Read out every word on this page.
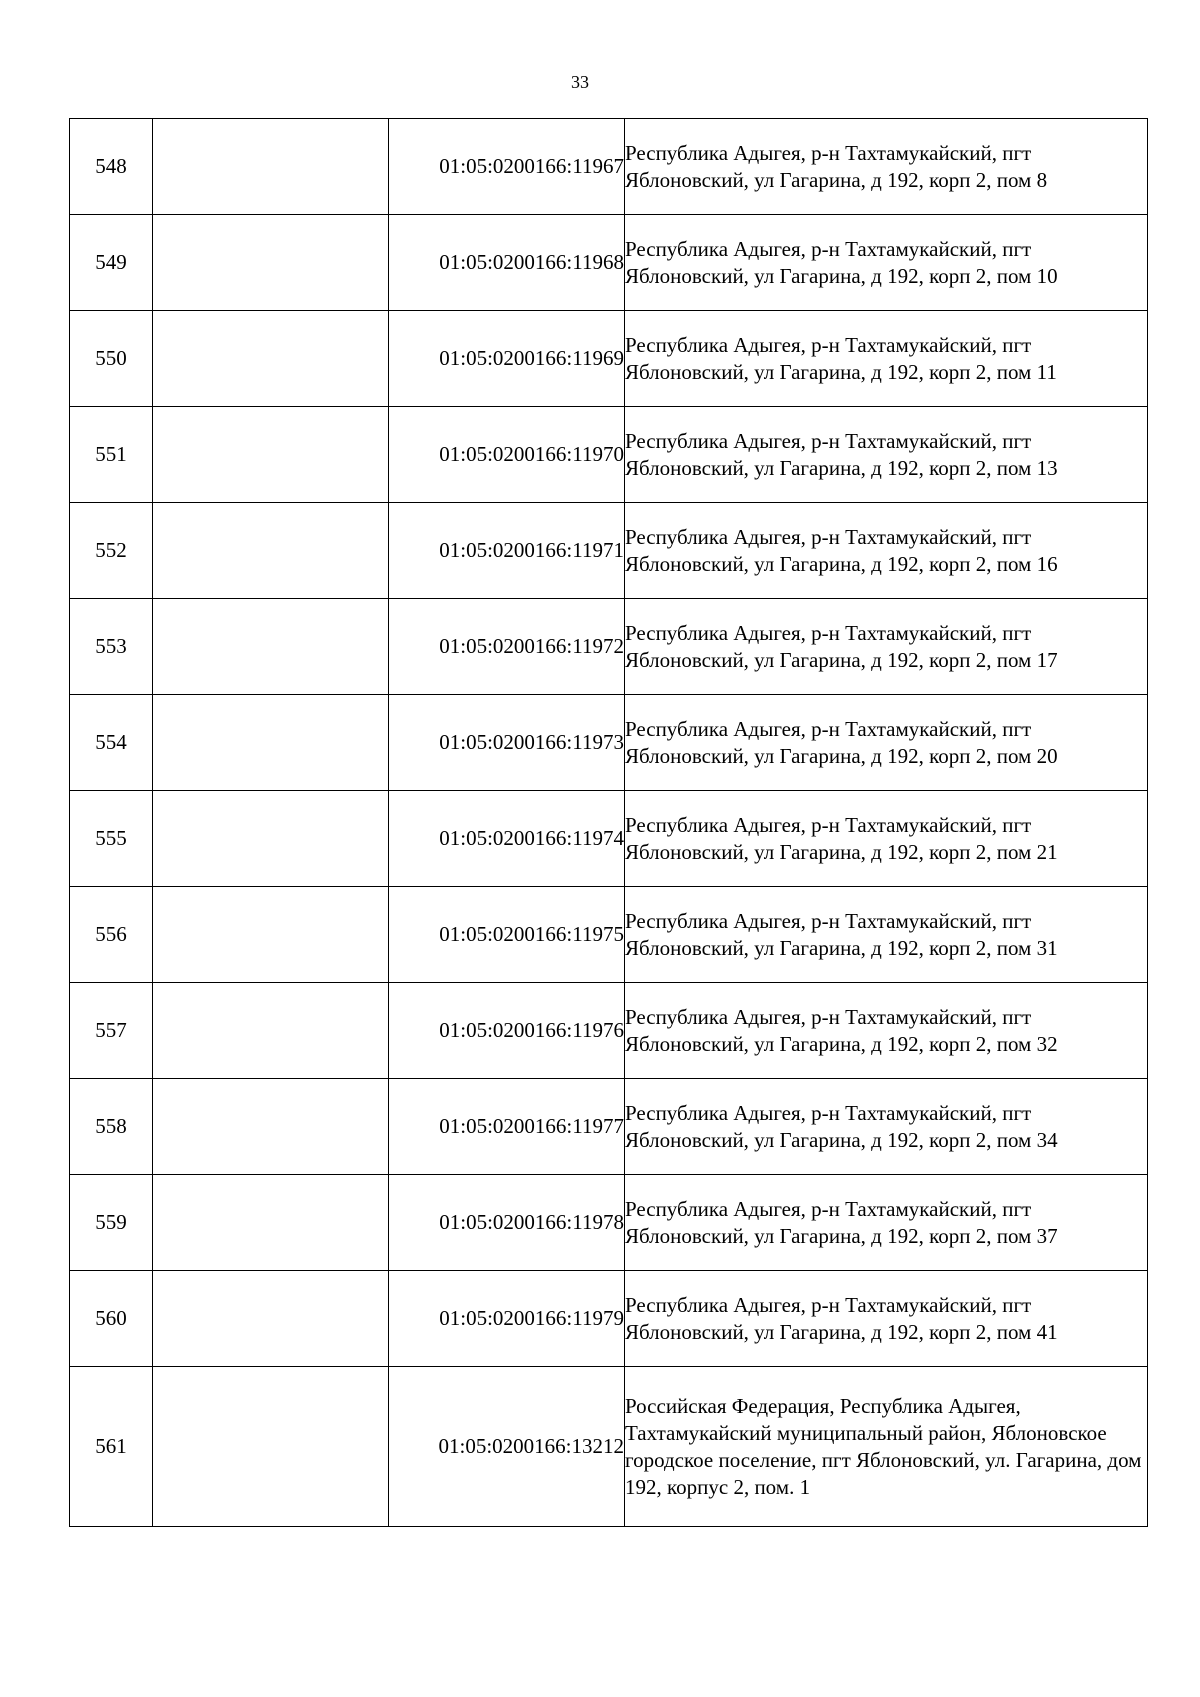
33
548		01:05:0200166:11967	Республика Адыгея, р-н Тахтамукайский, пгт Яблоновский, ул Гагарина, д 192, корп 2, пом 8
549		01:05:0200166:11968	Республика Адыгея, р-н Тахтамукайский, пгт Яблоновский, ул Гагарина, д 192, корп 2, пом 10
550		01:05:0200166:11969	Республика Адыгея, р-н Тахтамукайский, пгт Яблоновский, ул Гагарина, д 192, корп 2, пом 11
551		01:05:0200166:11970	Республика Адыгея, р-н Тахтамукайский, пгт Яблоновский, ул Гагарина, д 192, корп 2, пом 13
552		01:05:0200166:11971	Республика Адыгея, р-н Тахтамукайский, пгт Яблоновский, ул Гагарина, д 192, корп 2, пом 16
553		01:05:0200166:11972	Республика Адыгея, р-н Тахтамукайский, пгт Яблоновский, ул Гагарина, д 192, корп 2, пом 17
554		01:05:0200166:11973	Республика Адыгея, р-н Тахтамукайский, пгт Яблоновский, ул Гагарина, д 192, корп 2, пом 20
555		01:05:0200166:11974	Республика Адыгея, р-н Тахтамукайский, пгт Яблоновский, ул Гагарина, д 192, корп 2, пом 21
556		01:05:0200166:11975	Республика Адыгея, р-н Тахтамукайский, пгт Яблоновский, ул Гагарина, д 192, корп 2, пом 31
557		01:05:0200166:11976	Республика Адыгея, р-н Тахтамукайский, пгт Яблоновский, ул Гагарина, д 192, корп 2, пом 32
558		01:05:0200166:11977	Республика Адыгея, р-н Тахтамукайский, пгт Яблоновский, ул Гагарина, д 192, корп 2, пом 34
559		01:05:0200166:11978	Республика Адыгея, р-н Тахтамукайский, пгт Яблоновский, ул Гагарина, д 192, корп 2, пом 37
560		01:05:0200166:11979	Республика Адыгея, р-н Тахтамукайский, пгт Яблоновский, ул Гагарина, д 192, корп 2, пом 41
561		01:05:0200166:13212	Российская Федерация, Республика Адыгея, Тахтамукайский муниципальный район, Яблоновское городское поселение, пгт Яблоновский, ул. Гагарина, дом 192, корпус 2, пом. 1
